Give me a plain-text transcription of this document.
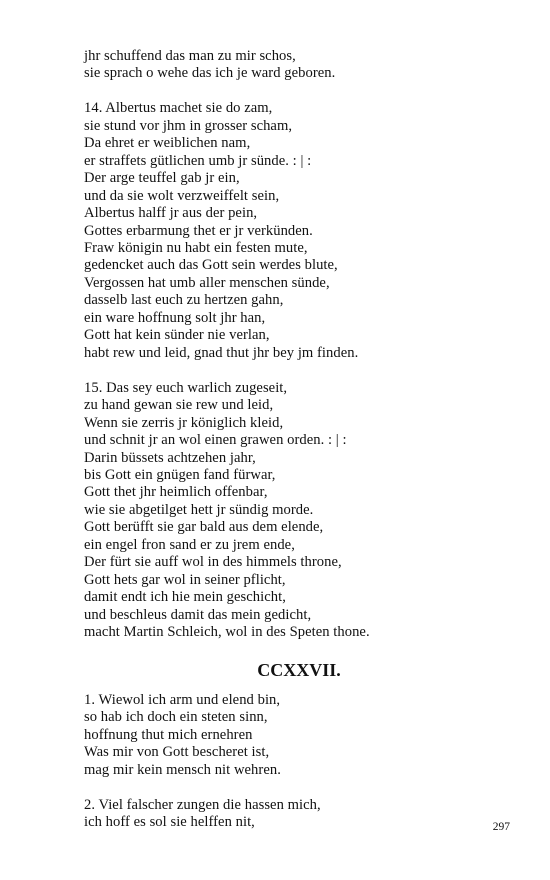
jhr schuffend das man zu mir schos,
sie sprach o wehe das ich je ward geboren.
14. Albertus machet sie do zam,
sie stund vor jhm in grosser scham,
Da ehret er weiblichen nam,
er straffets gütlichen umb jr sünde. : | :
Der arge teuffel gab jr ein,
und da sie wolt verzweiffelt sein,
Albertus halff jr aus der pein,
Gottes erbarmung thet er jr verkünden.
Fraw königin nu habt ein festen mute,
gedencket auch das Gott sein werdes blute,
Vergossen hat umb aller menschen sünde,
dasselb last euch zu hertzen gahn,
ein ware hoffnung solt jhr han,
Gott hat kein sünder nie verlan,
habt rew und leid, gnad thut jhr bey jm finden.
15. Das sey euch warlich zugeseit,
zu hand gewan sie rew und leid,
Wenn sie zerris jr königlich kleid,
und schnit jr an wol einen grawen orden. : | :
Darin büssets achtzehen jahr,
bis Gott ein gnügen fand fürwar,
Gott thet jhr heimlich offenbar,
wie sie abgetilget hett jr sündig morde.
Gott berüfft sie gar bald aus dem elende,
ein engel fron sand er zu jrem ende,
Der fürt sie auff wol in des himmels throne,
Gott hets gar wol in seiner pflicht,
damit endt ich hie mein geschicht,
und beschleus damit das mein gedicht,
macht Martin Schleich, wol in des Speten thone.
CCXXVII.
1. Wiewol ich arm und elend bin,
so hab ich doch ein steten sinn,
hoffnung thut mich ernehren
Was mir von Gott bescheret ist,
mag mir kein mensch nit wehren.
2. Viel falscher zungen die hassen mich,
ich hoff es sol sie helffen nit,	297
